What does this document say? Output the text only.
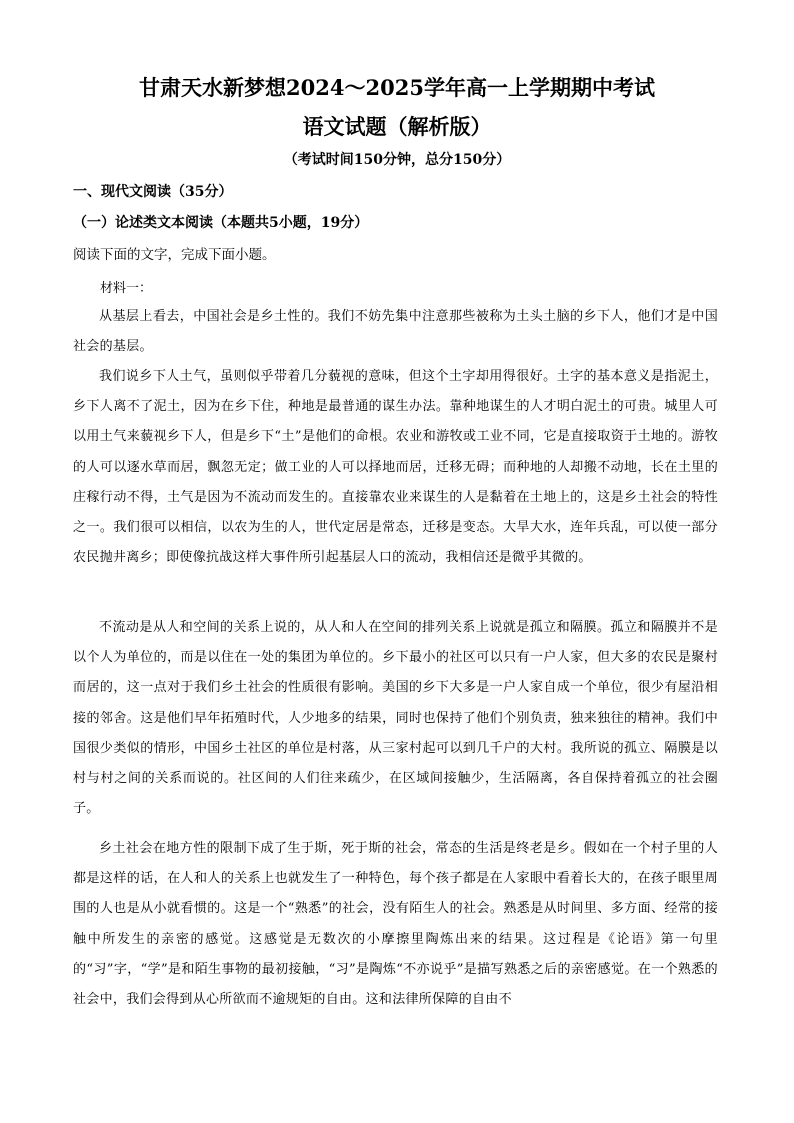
甘肃天水新梦想2024～2025学年高一上学期期中考试
语文试题（解析版）
（考试时间150分钟，总分150分）
一、现代文阅读（35分）
（一）论述类文本阅读（本题共5小题，19分）
阅读下面的文字，完成下面小题。
材料一：

从基层上看去，中国社会是乡土性的。我们不妨先集中注意那些被称为土头土脑的乡下人，他们才是中国社会的基层。

我们说乡下人土气，虽则似乎带着几分藐视的意味，但这个土字却用得很好。土字的基本意义是指泥土，乡下人离不了泥土，因为在乡下住，种地是最普通的谋生办法。靠种地谋生的人才明白泥土的可贵。城里人可以用土气来藐视乡下人，但是乡下“土”是他们的命根。农业和游牧或工业不同，它是直接取资于土地的。游牧的人可以逐水草而居，飘忽无定；做工业的人可以择地而居，迁移无碍；而种地的人却搬不动地，长在土里的庄稼行动不得，土气是因为不流动而发生的。直接靠农业来谋生的人是黏着在土地上的，这是乡土社会的特性之一。我们很可以相信，以农为生的人，世代定居是常态，迁移是变态。大旱大水，连年兵乱，可以使一部分农民抛井离乡；即使像抗战这样大事件所引起基层人口的流动，我相信还是微乎其微的。

不流动是从人和空间的关系上说的，从人和人在空间的排列关系上说就是孤立和隔膜。孤立和隔膜并不是以个人为单位的，而是以住在一处的集团为单位的。乡下最小的社区可以只有一户人家，但大多的农民是聚村而居的，这一点对于我们乡土社会的性质很有影响。美国的乡下大多是一户人家自成一个单位，很少有屋沿相接的邻舍。这是他们早年拓殖时代，人少地多的结果，同时也保持了他们个别负责，独来独往的精神。我们中国很少类似的情形，中国乡土社区的单位是村落，从三家村起可以到几千户的大村。我所说的孤立、隔膜是以村与村之间的关系而说的。社区间的人们往来疏少，在区域间接触少，生活隔离，各自保持着孤立的社会圈子。

乡土社会在地方性的限制下成了生于斯，死于斯的社会，常态的生活是终老是乡。假如在一个村子里的人都是这样的话，在人和人的关系上也就发生了一种特色，每个孩子都是在人家眼中看着长大的，在孩子眼里周围的人也是从小就看惯的。这是一个“熟悉”的社会，没有陌生人的社会。熟悉是从时间里、多方面、经常的接触中所发生的亲密的感觉。这感觉是无数次的小摩擦里陶炼出来的结果。这过程是《论语》第一句里的“习”字，“学”是和陌生事物的最初接触，“习”是陶炼“不亦说乎”是描写熟悉之后的亲密感觉。在一个熟悉的社会中，我们会得到从心所欲而不逾规矩的自由。这和法律所保障的自由不
